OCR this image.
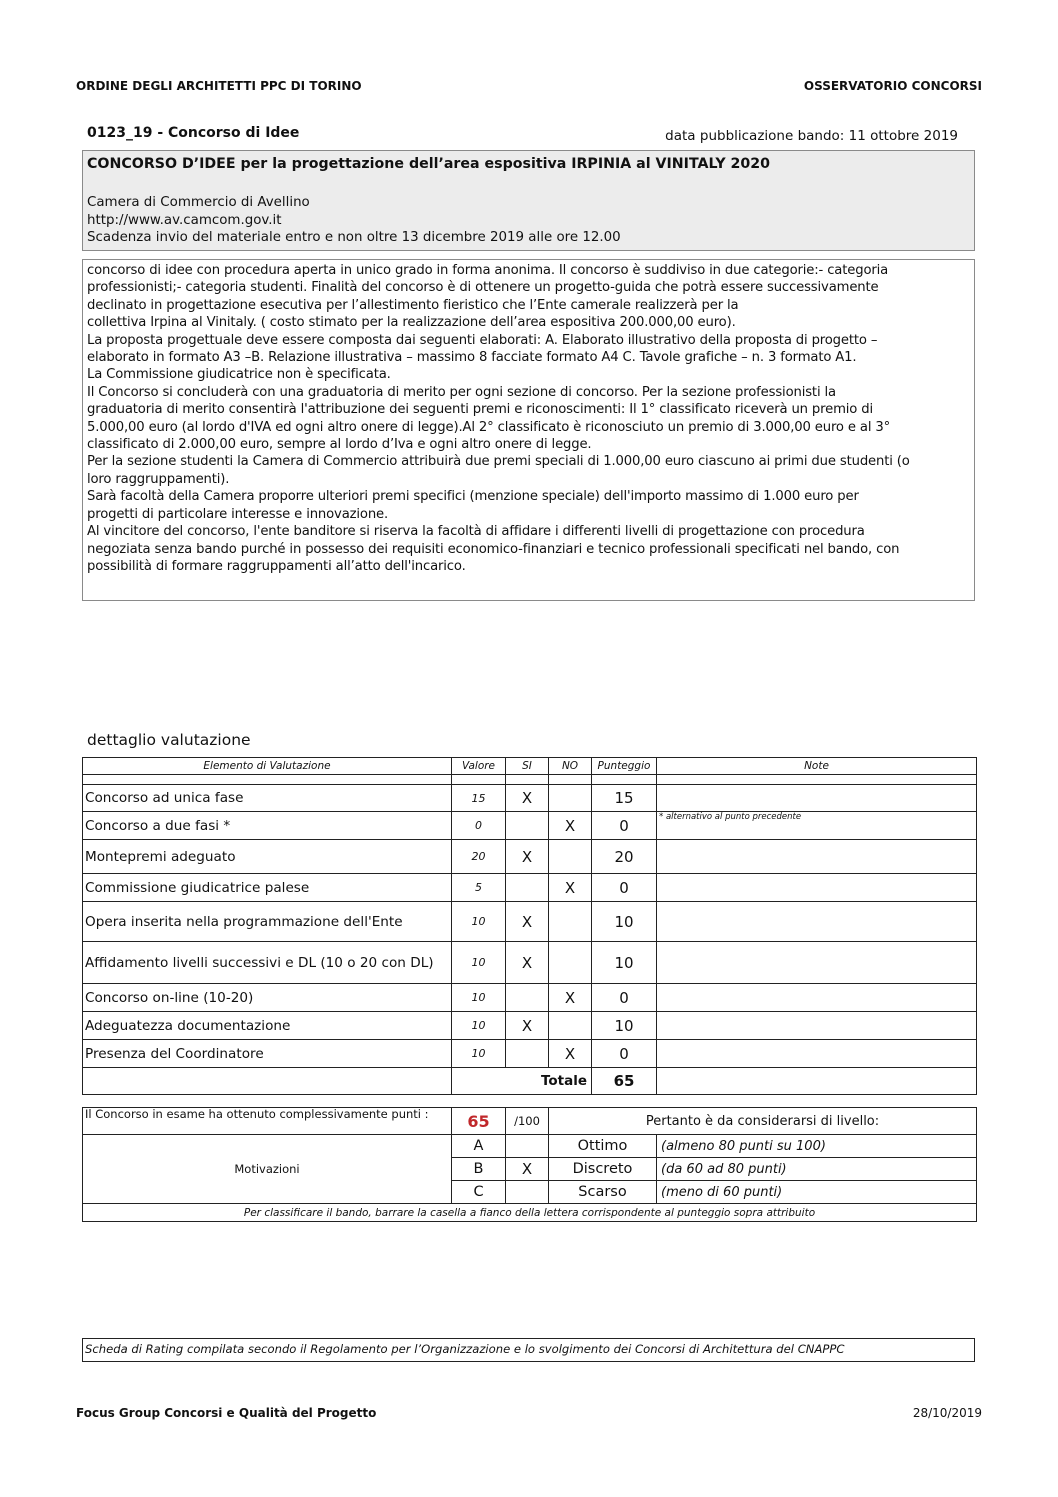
ORDINE DEGLI ARCHITETTI PPC DI TORINO	OSSERVATORIO CONCORSI
0123_19 - Concorso di Idee	data pubblicazione bando: 11 ottobre 2019
CONCORSO D’IDEE per la progettazione dell’area espositiva IRPINIA al VINITALY 2020
Camera di Commercio di Avellino
http://www.av.camcom.gov.it
Scadenza invio del materiale entro e non oltre 13 dicembre 2019 alle ore 12.00
concorso di idee con procedura aperta in unico grado in forma anonima. Il concorso è suddiviso in due categorie:- categoria
professionisti;- categoria studenti. Finalità del concorso è di ottenere un progetto-guida che potrà essere successivamente
declinato in progettazione esecutiva per l’allestimento fieristico che l’Ente camerale realizzerà per la
collettiva Irpina al Vinitaly. ( costo stimato per la realizzazione dell’area espositiva 200.000,00 euro).
La proposta progettuale deve essere composta dai seguenti elaborati: A. Elaborato illustrativo della proposta di progetto –
elaborato in formato A3 –B. Relazione illustrativa – massimo 8 facciate formato A4 C. Tavole grafiche – n. 3 formato A1.
La Commissione giudicatrice non è specificata.
Il Concorso si concluderà con una graduatoria di merito per ogni sezione di concorso. Per la sezione professionisti la
graduatoria di merito consentirà l'attribuzione dei seguenti premi e riconoscimenti: Il 1° classificato riceverà un premio di
5.000,00 euro (al lordo d'IVA ed ogni altro onere di legge).Al 2° classificato è riconosciuto un premio di 3.000,00 euro e al 3°
classificato di 2.000,00 euro, sempre al lordo d’Iva e ogni altro onere di legge.
Per la sezione studenti la Camera di Commercio attribuirà due premi speciali di 1.000,00 euro ciascuno ai primi due studenti (o
loro raggruppamenti).
Sarà facoltà della Camera proporre ulteriori premi specifici (menzione speciale) dell'importo massimo di 1.000 euro per
progetti di particolare interesse e innovazione.
Al vincitore del concorso, l'ente banditore si riserva la facoltà di affidare i differenti livelli di progettazione con procedura
negoziata senza bando purché in possesso dei requisiti economico-finanziari e tecnico professionali specificati nel bando, con
possibilità di formare raggruppamenti all’atto dell'incarico.
dettaglio valutazione
Elemento di Valutazione	Valore	SI	NO	Punteggio	Note

Concorso ad unica fase	15	X		15	
Concorso a due fasi *	0		X	0	* alternativo al punto precedente
Montepremi adeguato	20	X		20	
Commissione giudicatrice palese	5		X	0	
Opera inserita nella programmazione dell'Ente	10	X		10	
Affidamento livelli successivi e DL (10 o 20 con DL)	10	X		10	
Concorso on-line (10-20)	10		X	0	
Adeguatezza documentazione	10	X		10	
Presenza del Coordinatore	10		X	0	
	Totale			65	
Il Concorso in esame ha ottenuto complessivamente punti :	65	/100	Pertanto è da considerarsi di livello:	
Motivazioni	A		Ottimo	(almeno 80 punti su 100)
	B	X	Discreto	(da 60 ad 80 punti)
	C		Scarso	(meno di 60 punti)
Per classificare il bando, barrare la casella a fianco della lettera corrispondente al punteggio sopra attribuito				
Scheda di Rating compilata secondo il Regolamento per l’Organizzazione e lo svolgimento dei Concorsi di Architettura del CNAPPC
Focus Group Concorsi e Qualità del Progetto	28/10/2019
